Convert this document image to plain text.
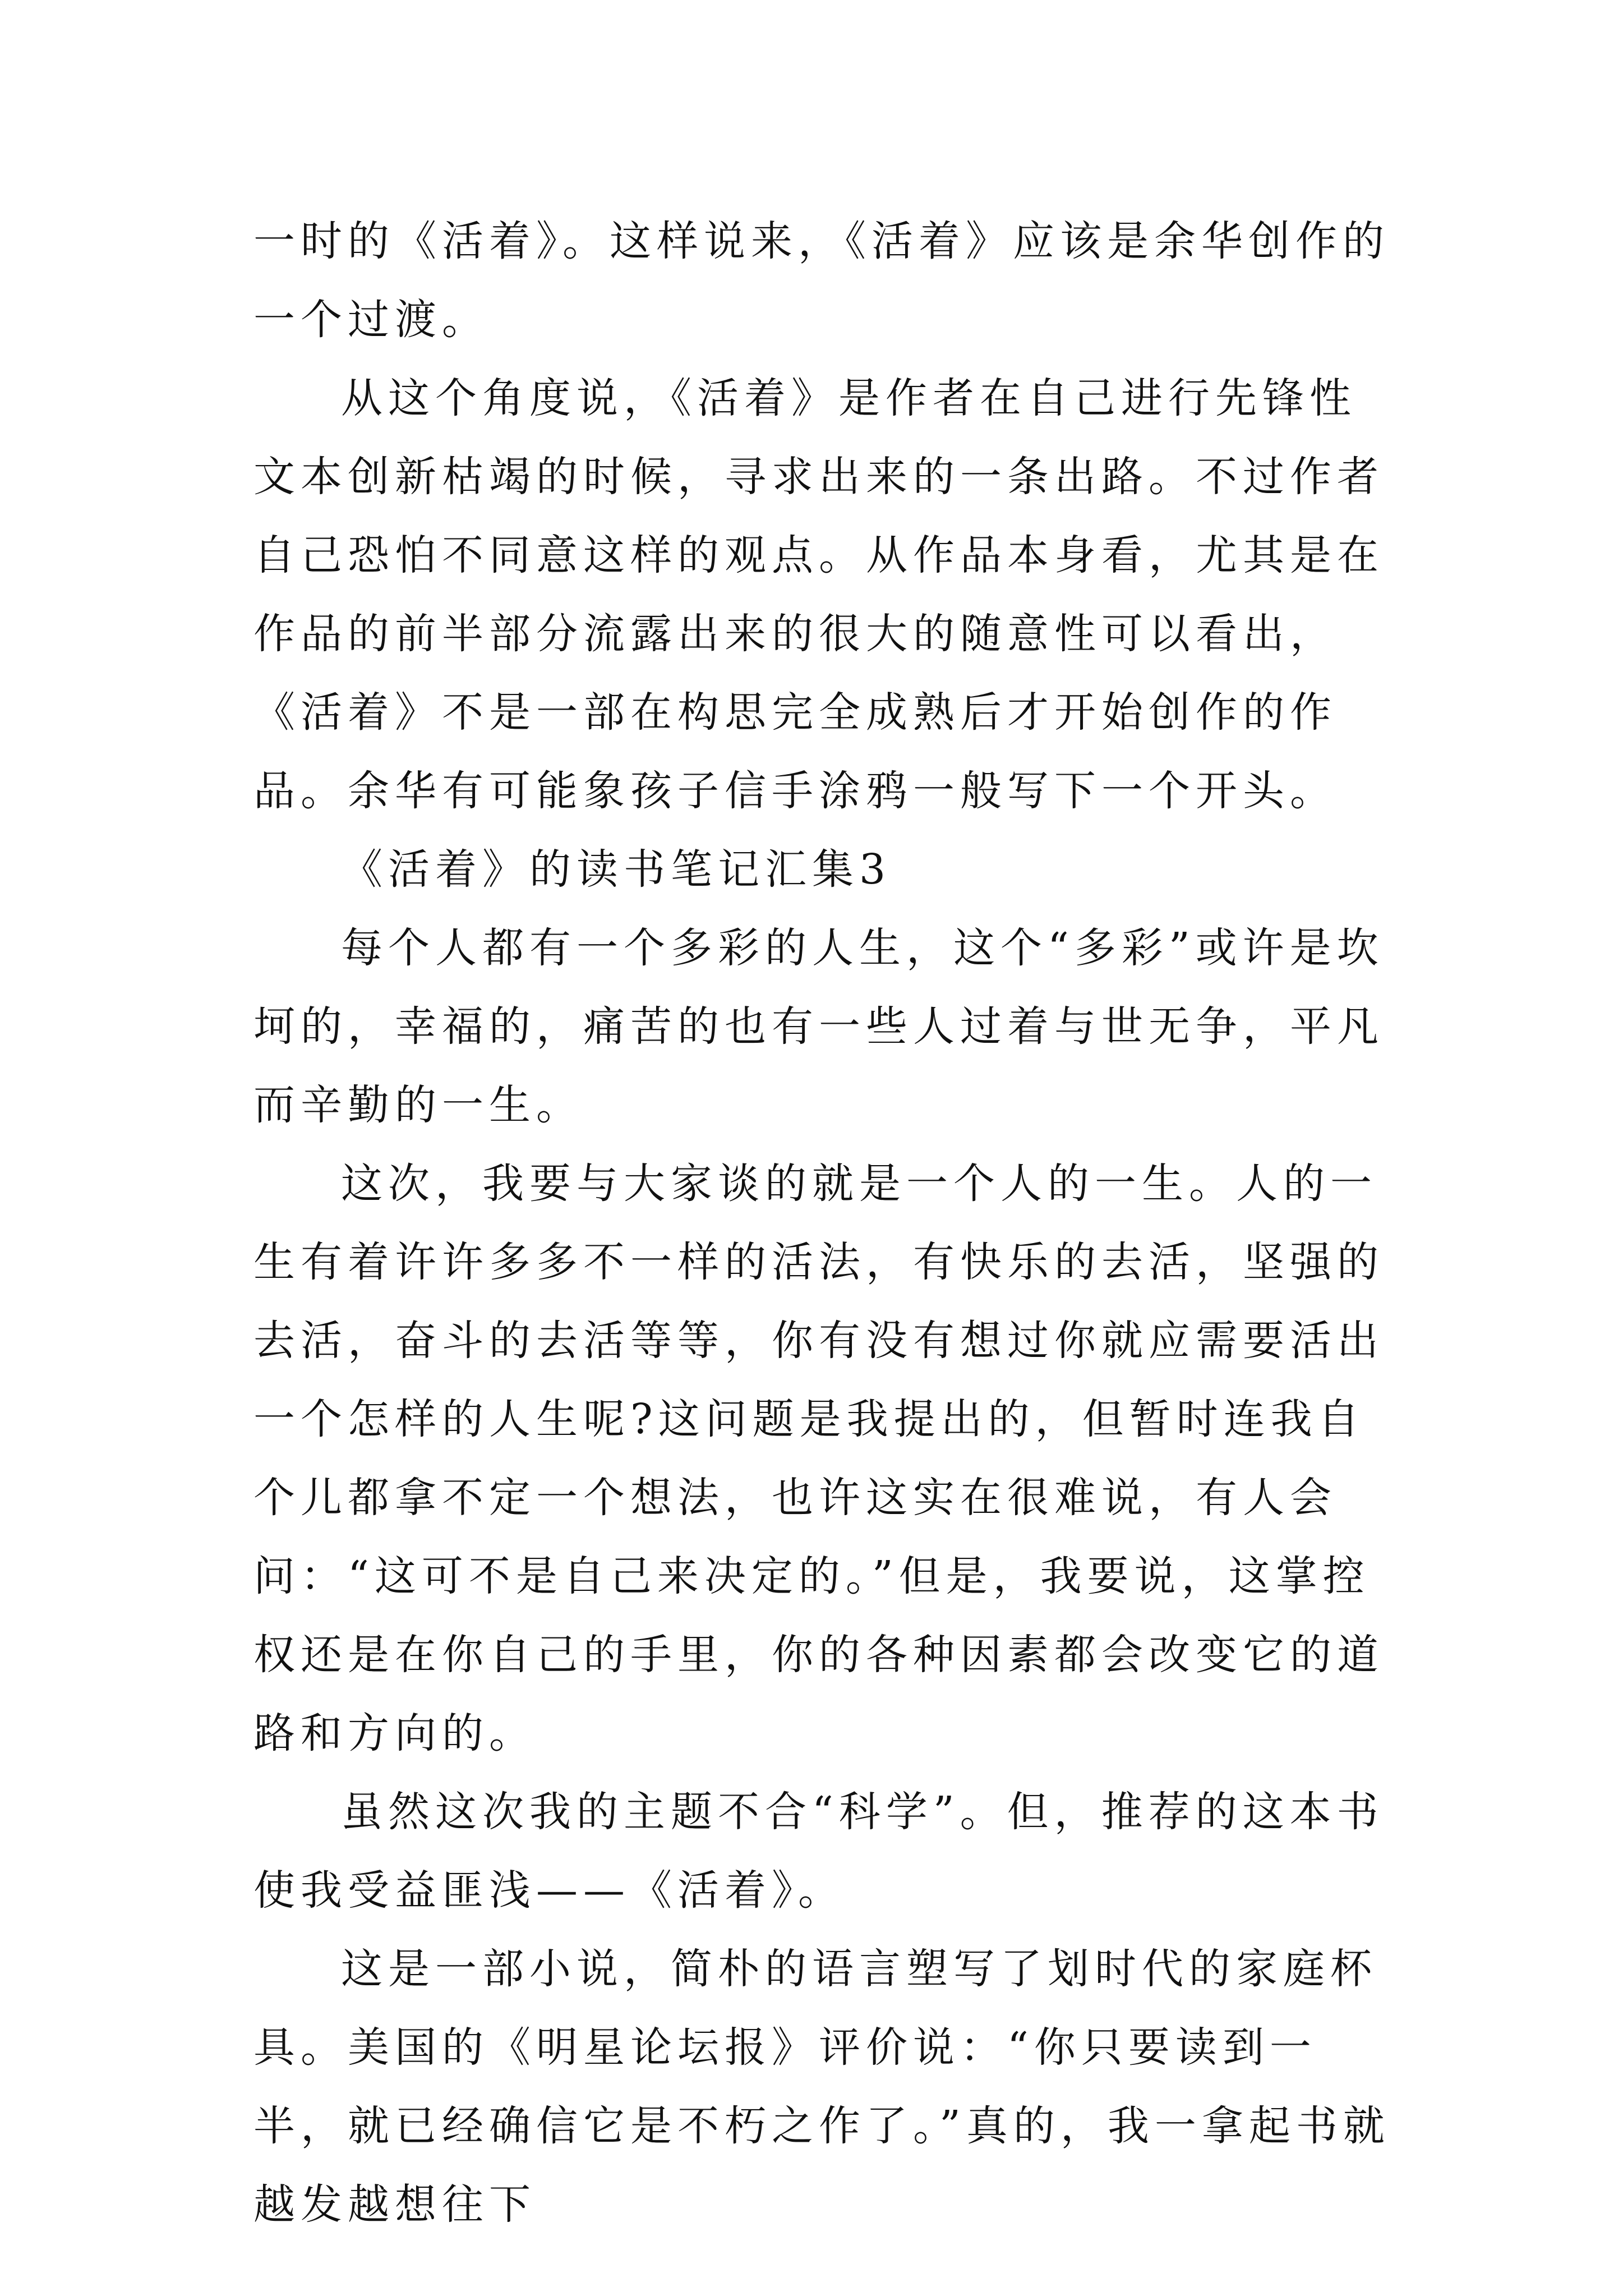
一时的《活着》。这样说来，《活着》应该是余华创作的一个过渡。

从这个角度说，《活着》是作者在自己进行先锋性文本创新枯竭的时候，寻求出来的一条出路。不过作者自己恐怕不同意这样的观点。从作品本身看，尤其是在作品的前半部分流露出来的很大的随意性可以看出，《活着》不是一部在构思完全成熟后才开始创作的作品。余华有可能象孩子信手涂鸦一般写下一个开头。

《活着》的读书笔记汇集3

每个人都有一个多彩的人生，这个“多彩”或许是坎坷的，幸福的，痛苦的也有一些人过着与世无争，平凡而辛勤的一生。

这次，我要与大家谈的就是一个人的一生。人的一生有着许许多多不一样的活法，有快乐的去活，坚强的去活，奋斗的去活等等，你有没有想过你就应需要活出一个怎样的人生呢?这问题是我提出的，但暂时连我自个儿都拿不定一个想法，也许这实在很难说，有人会问：“这可不是自己来决定的。”但是，我要说，这掌控权还是在你自己的手里，你的各种因素都会改变它的道路和方向的。

虽然这次我的主题不合“科学”。但，推荐的这本书使我受益匪浅——《活着》。

这是一部小说，简朴的语言塑写了划时代的家庭杯具。美国的《明星论坛报》评价说：“你只要读到一半，就已经确信它是不朽之作了。”真的，我一拿起书就越发越想往下
